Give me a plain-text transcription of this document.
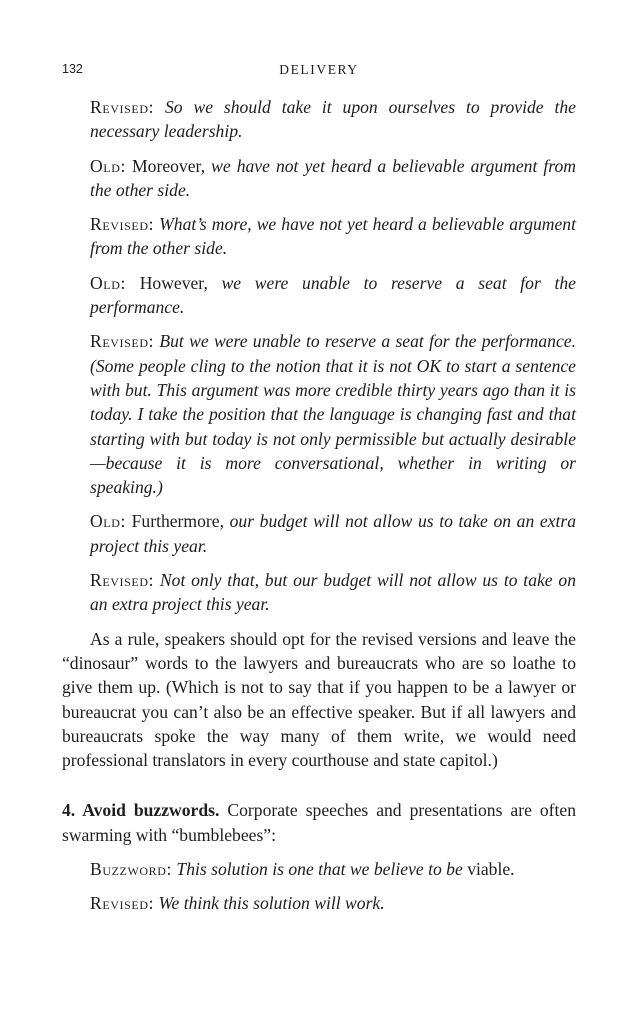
132	DELIVERY

Revised: So we should take it upon ourselves to provide the necessary leadership.

Old: Moreover, we have not yet heard a believable argument from the other side.

Revised: What’s more, we have not yet heard a believable argument from the other side.

Old: However, we were unable to reserve a seat for the performance.

Revised: But we were unable to reserve a seat for the performance. (Some people cling to the notion that it is not OK to start a sentence with but. This argument was more credible thirty years ago than it is today. I take the position that the language is changing fast and that starting with but today is not only permissible but actually desirable—because it is more conversational, whether in writing or speaking.)

Old: Furthermore, our budget will not allow us to take on an extra project this year.

Revised: Not only that, but our budget will not allow us to take on an extra project this year.

As a rule, speakers should opt for the revised versions and leave the “dinosaur” words to the lawyers and bureaucrats who are so loathe to give them up. (Which is not to say that if you happen to be a lawyer or bureaucrat you can’t also be an effective speaker. But if all lawyers and bureaucrats spoke the way many of them write, we would need professional translators in every courthouse and state capitol.)

4. Avoid buzzwords. Corporate speeches and presentations are often swarming with “bumblebees”:

Buzzword: This solution is one that we believe to be viable.

Revised: We think this solution will work.
